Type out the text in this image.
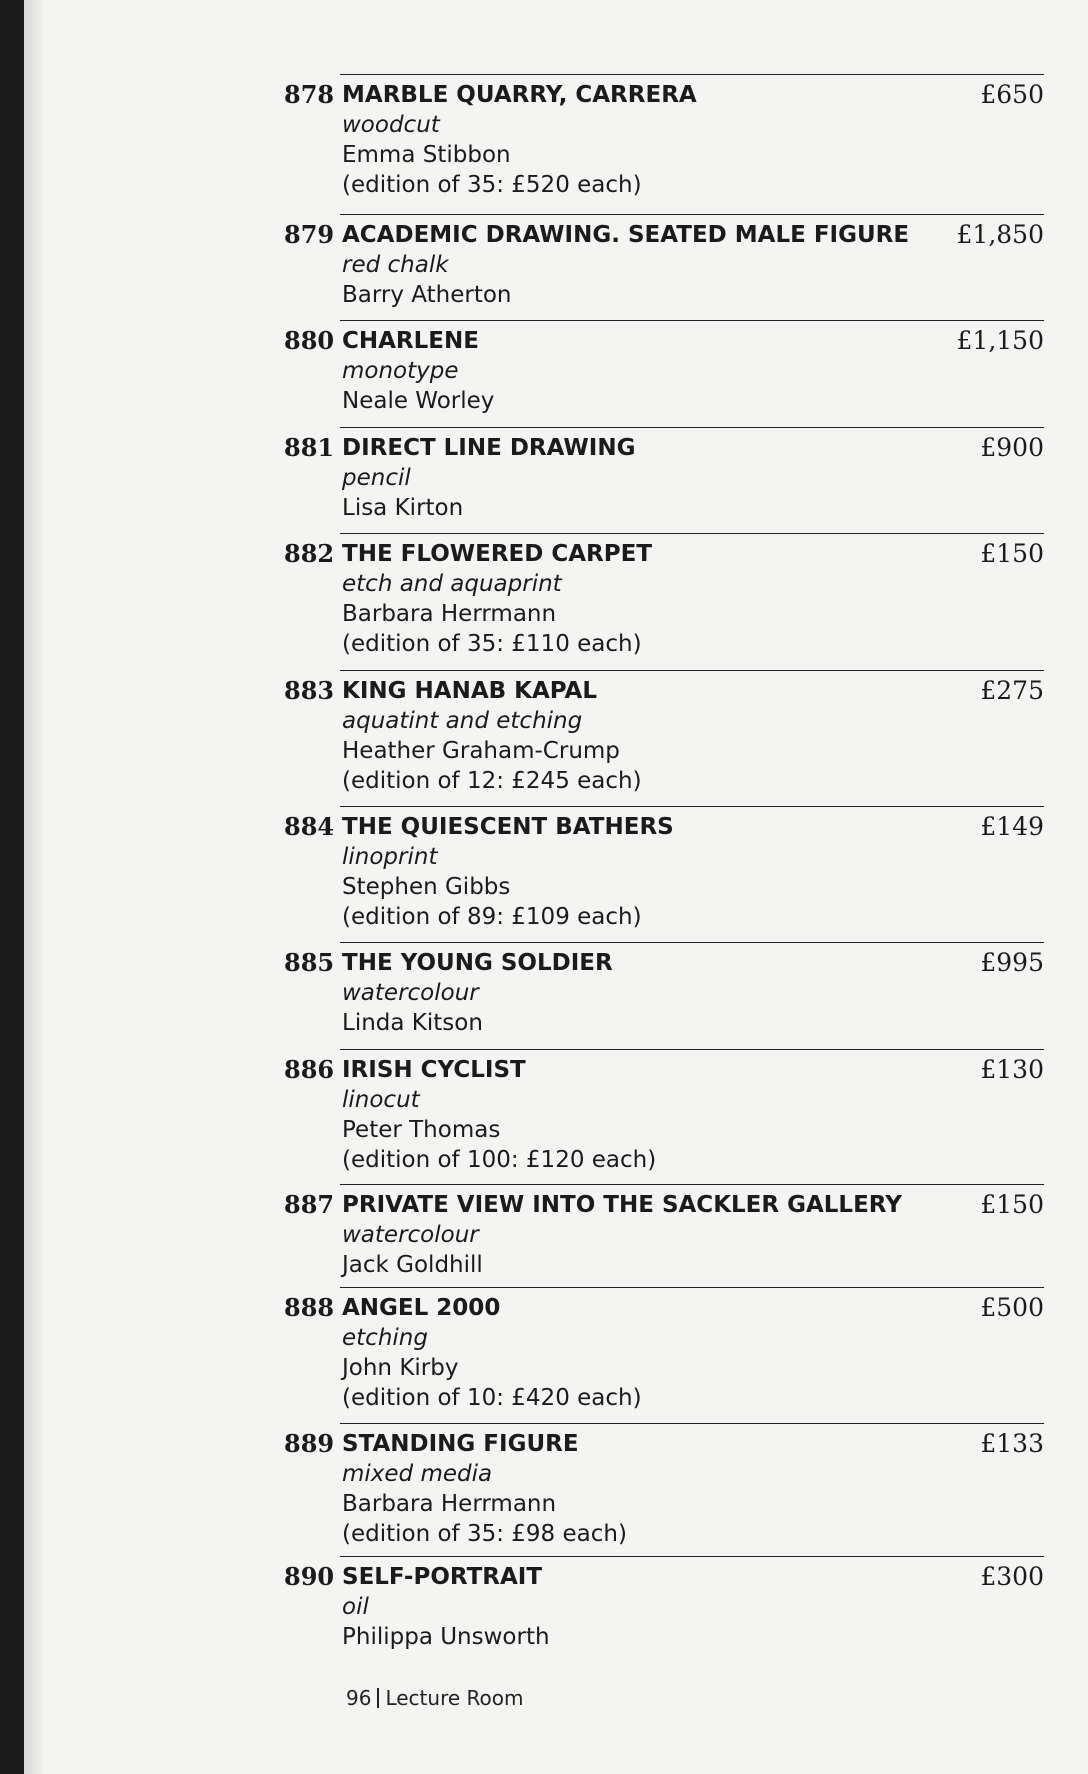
878 MARBLE QUARRY, CARRERA	£650
woodcut
Emma Stibbon
(edition of 35: £520 each)
879 ACADEMIC DRAWING. SEATED MALE FIGURE	£1,850
red chalk
Barry Atherton
880 CHARLENE	£1,150
monotype
Neale Worley
881 DIRECT LINE DRAWING	£900
pencil
Lisa Kirton
882 THE FLOWERED CARPET	£150
etch and aquaprint
Barbara Herrmann
(edition of 35: £110 each)
883 KING HANAB KAPAL	£275
aquatint and etching
Heather Graham-Crump
(edition of 12: £245 each)
884 THE QUIESCENT BATHERS	£149
linoprint
Stephen Gibbs
(edition of 89: £109 each)
885 THE YOUNG SOLDIER	£995
watercolour
Linda Kitson
886 IRISH CYCLIST	£130
linocut
Peter Thomas
(edition of 100: £120 each)
887 PRIVATE VIEW INTO THE SACKLER GALLERY	£150
watercolour
Jack Goldhill
888 ANGEL 2000	£500
etching
John Kirby
(edition of 10: £420 each)
889 STANDING FIGURE	£133
mixed media
Barbara Herrmann
(edition of 35: £98 each)
890 SELF-PORTRAIT	£300
oil
Philippa Unsworth
96 Lecture Room
